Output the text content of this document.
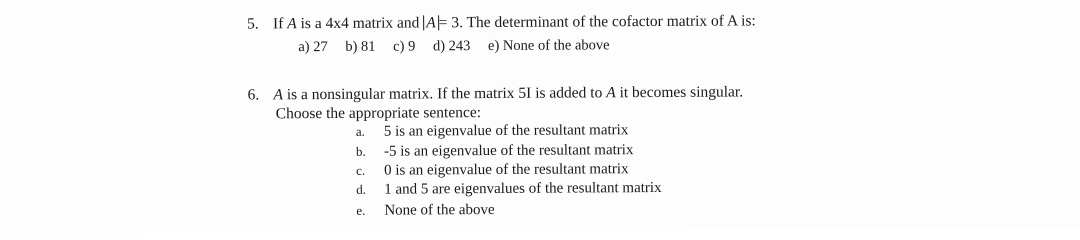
5. If A is a 4x4 matrix and A = 3. The determinant of the cofactor matrix of A is:
a) 27 b) 81 c) 9 d) 243 e) None of the above
6. A is a nonsingular matrix. If the matrix 5I is added to A it becomes singular.
Choose the appropriate sentence:
a. 5 is an eigenvalue of the resultant matrix
b. -5 is an eigenvalue of the resultant matrix
c. 0 is an eigenvalue of the resultant matrix
d. 1 and 5 are eigenvalues of the resultant matrix
e. None of the above
